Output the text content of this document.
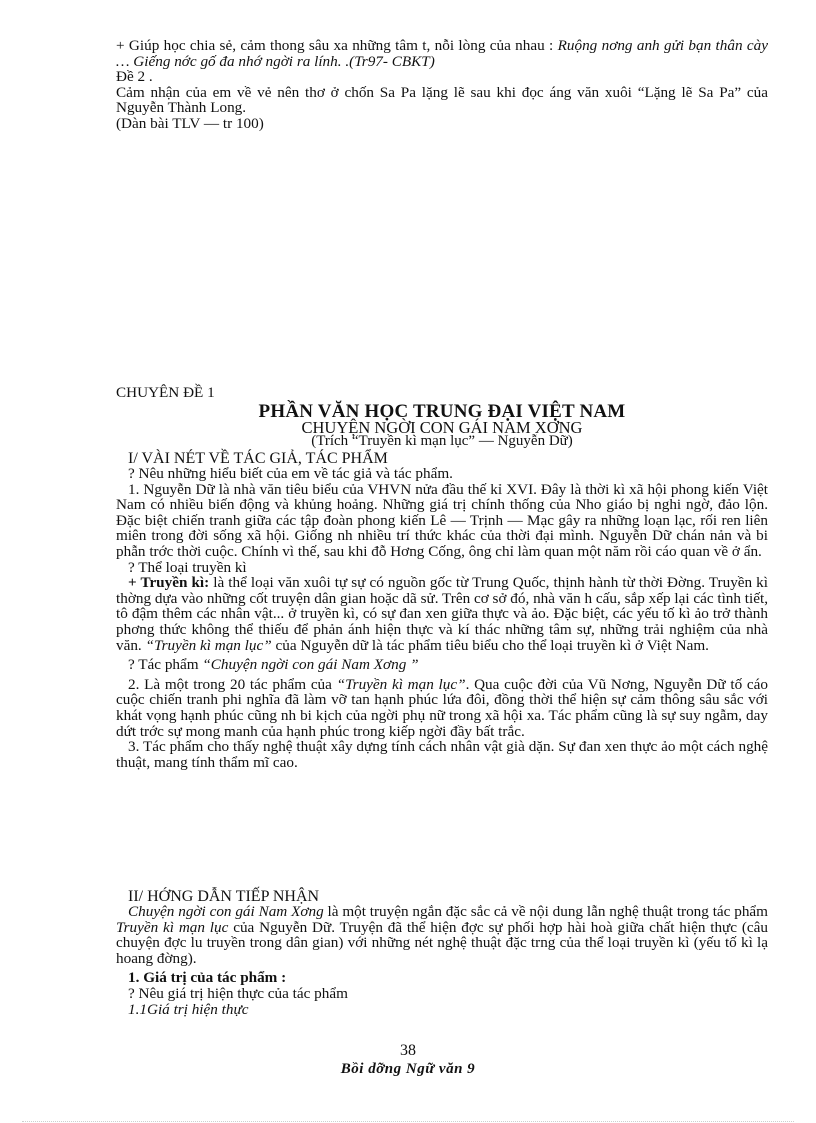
+ Giúp học chia sẻ, cảm thong sâu xa những tâm t, nỗi lòng của nhau : Ruộng nơng anh gửi bạn thân cày … Giếng nớc gố đa nhớ ngời ra lính. .(Tr97- CBKT)

Đề 2 .

Cảm nhận của em về vẻ nên thơ ở chốn Sa Pa lặng lẽ sau khi đọc áng văn xuôi “Lặng lẽ Sa Pa” của Nguyễn Thành Long.

(Dàn bài TLV — tr 100)

CHUYÊN ĐỀ 1
PHẦN VĂN HỌC TRUNG ĐẠI VIỆT NAM
CHUYỆN NGỜI CON GÁI NAM XƠNG
(Trích “Truyền kì mạn lục” — Nguyễn Dữ)

I/ VÀI NÉT VỀ TÁC GIẢ, TÁC PHẨM

? Nêu những hiểu biết của em về tác giả và tác phẩm.

1. Nguyễn Dữ là nhà văn tiêu biểu của VHVN nửa đầu thế kỉ XVI. Đây là thời kì xã hội phong kiến Việt Nam có nhiều biến động và khủng hoảng. Những giá trị chính thống của Nho giáo bị nghi ngờ, đảo lộn. Đặc biệt chiến tranh giữa các tập đoàn phong kiến Lê — Trịnh — Mạc gây ra những loạn lạc, rối ren liên miên trong đời sống xã hội. Giống nh nhiều trí thức khác của thời đại mình. Nguyễn Dữ chán nản và bi phẫn trớc thời cuộc. Chính vì thế, sau khi đỗ Hơng Cống, ông chỉ làm quan một năm rồi cáo quan về ở ẩn.

? Thể loại truyền kì

+ Truyền kì: là thể loại văn xuôi tự sự có nguồn gốc từ Trung Quốc, thịnh hành từ thời Đờng. Truyền kì thờng dựa vào những cốt truyện dân gian hoặc dã sử. Trên cơ sở đó, nhà văn h cấu, sắp xếp lại các tình tiết, tô đậm thêm các nhân vật... ở truyền kì, có sự đan xen giữa thực và ảo. Đặc biệt, các yếu tố kì ảo trở thành phơng thức không thể thiếu để phản ánh hiện thực và kí thác những tâm sự, những trải nghiệm của nhà văn. “Truyền kì mạn lục” của Nguyễn dữ là tác phẩm tiêu biểu cho thể loại truyền kì ở Việt Nam.

? Tác phẩm “Chuyện ngời con gái Nam Xơng ”

2. Là một trong 20 tác phẩm của “Truyền kì mạn lục”. Qua cuộc đời của Vũ Nơng, Nguyễn Dữ tố cáo cuộc chiến tranh phi nghĩa đã làm vỡ tan hạnh phúc lứa đôi, đồng thời thể hiện sự cảm thông sâu sắc với khát vọng hạnh phúc cũng nh bi kịch của ngời phụ nữ trong xã hội xa. Tác phẩm cũng là sự suy ngẫm, day dứt trớc sự mong manh của hạnh phúc trong kiếp ngời đầy bất trắc.

3. Tác phẩm cho thấy nghệ thuật xây dựng tính cách nhân vật già dặn. Sự đan xen thực ảo một cách nghệ thuật, mang tính thẩm mĩ cao.

II/ HỚNG DẪN TIẾP NHẬN

Chuyện ngời con gái Nam Xơng là một truyện ngắn đặc sắc cả về nội dung lẫn nghệ thuật trong tác phẩm Truyền kì mạn lục của Nguyễn Dữ. Truyện đã thể hiện đợc sự phối hợp hài hoà giữa chất hiện thực (câu chuyện đợc lu truyền trong dân gian) với những nét nghệ thuật đặc trng của thể loại truyền kì (yếu tố kì lạ hoang đờng).

1. Giá trị của tác phẩm :

? Nêu giá trị hiện thực của tác phẩm

1.1Giá trị hiện thực

38
Bồi dỡng Ngữ văn 9
